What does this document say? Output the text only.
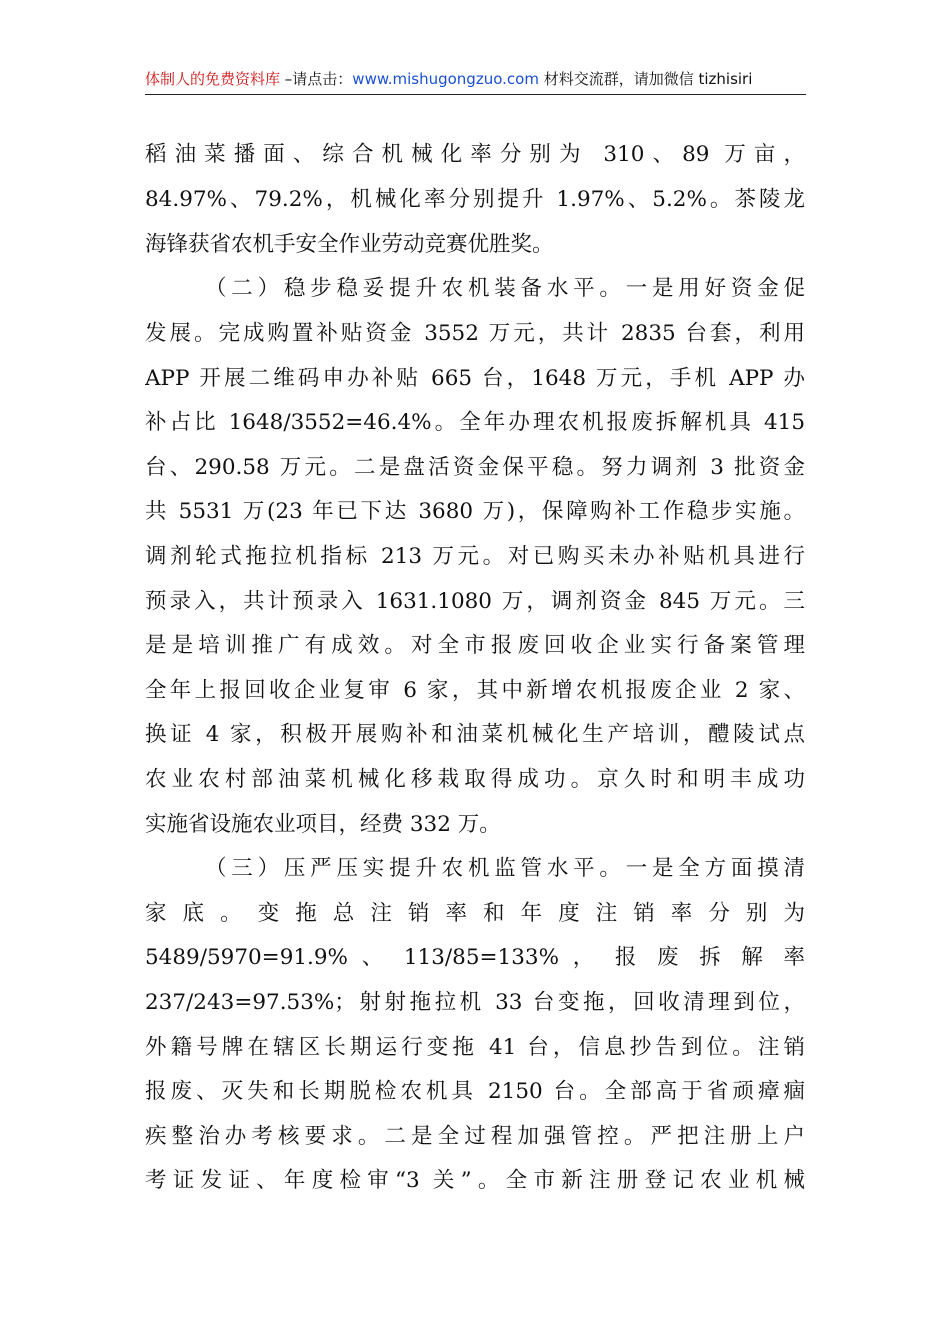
体制人的免费资料库 –请点击：www.mishugongzuo.com 材料交流群，请加微信 tizhisiri
稻油菜播面、综合机械化率分别为 310、89 万亩，
84.97%、79.2%，机械化率分别提升 1.97%、5.2%。茶陵龙
海锋获省农机手安全作业劳动竞赛优胜奖。
（二）稳步稳妥提升农机装备水平。一是用好资金促
发展。完成购置补贴资金 3552 万元，共计 2835 台套，利用
APP 开展二维码申办补贴 665 台，1648 万元，手机 APP 办
补占比 1648/3552=46.4%。全年办理农机报废拆解机具 415
台、290.58 万元。二是盘活资金保平稳。努力调剂 3 批资金
共 5531 万(23 年已下达 3680 万)，保障购补工作稳步实施。
调剂轮式拖拉机指标 213 万元。对已购买未办补贴机具进行
预录入，共计预录入 1631.1080 万，调剂资金 845 万元。三
是是培训推广有成效。对全市报废回收企业实行备案管理
全年上报回收企业复审 6 家，其中新增农机报废企业 2 家、
换证 4 家，积极开展购补和油菜机械化生产培训，醴陵试点
农业农村部油菜机械化移栽取得成功。京久时和明丰成功
实施省设施农业项目，经费 332 万。
（三）压严压实提升农机监管水平。一是全方面摸清
家底。变拖总注销率和年度注销率分别为
5489/5970=91.9% 、 113/85=133% ， 报 废 拆 解 率
237/243=97.53%；射射拖拉机 33 台变拖，回收清理到位，
外籍号牌在辖区长期运行变拖 41 台，信息抄告到位。注销
报废、灭失和长期脱检农机具 2150 台。全部高于省顽瘴痼
疾整治办考核要求。二是全过程加强管控。严把注册上户
考证发证、年度检审“3 关”。全市新注册登记农业机械
